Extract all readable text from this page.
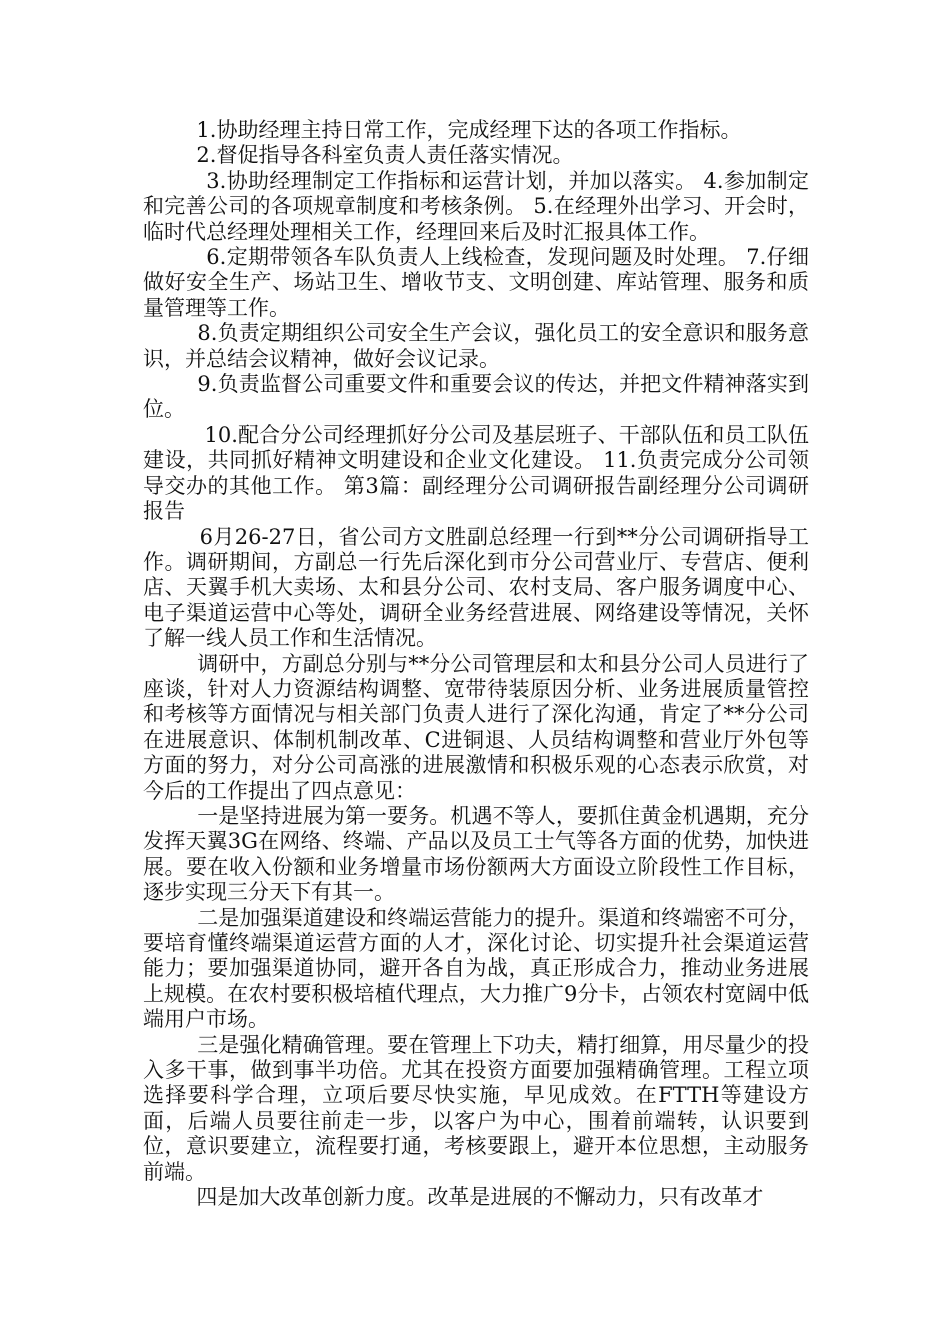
1.协助经理主持日常工作，完成经理下达的各项工作指标。

2.督促指导各科室负责人责任落实情况。

3.协助经理制定工作指标和运营计划，并加以落实。 4.参加制定和完善公司的各项规章制度和考核条例。 5.在经理外出学习、开会时，临时代总经理处理相关工作，经理回来后及时汇报具体工作。

6.定期带领各车队负责人上线检查，发现问题及时处理。 7.仔细做好安全生产、场站卫生、增收节支、文明创建、库站管理、服务和质量管理等工作。

8.负责定期组织公司安全生产会议，强化员工的安全意识和服务意识，并总结会议精神，做好会议记录。

9.负责监督公司重要文件和重要会议的传达，并把文件精神落实到位。

10.配合分公司经理抓好分公司及基层班子、干部队伍和员工队伍建设，共同抓好精神文明建设和企业文化建设。 11.负责完成分公司领导交办的其他工作。 第3篇：副经理分公司调研报告副经理分公司调研报告

6月26-27日，省公司方文胜副总经理一行到**分公司调研指导工作。调研期间，方副总一行先后深化到市分公司营业厅、专营店、便利店、天翼手机大卖场、太和县分公司、农村支局、客户服务调度中心、电子渠道运营中心等处，调研全业务经营进展、网络建设等情况，关怀了解一线人员工作和生活情况。

调研中，方副总分别与**分公司管理层和太和县分公司人员进行了座谈，针对人力资源结构调整、宽带待装原因分析、业务进展质量管控和考核等方面情况与相关部门负责人进行了深化沟通，肯定了**分公司在进展意识、体制机制改革、C进铜退、人员结构调整和营业厅外包等方面的努力，对分公司高涨的进展激情和积极乐观的心态表示欣赏，对今后的工作提出了四点意见：

一是坚持进展为第一要务。机遇不等人，要抓住黄金机遇期，充分发挥天翼3G在网络、终端、产品以及员工士气等各方面的优势，加快进展。要在收入份额和业务增量市场份额两大方面设立阶段性工作目标，逐步实现三分天下有其一。

二是加强渠道建设和终端运营能力的提升。渠道和终端密不可分，要培育懂终端渠道运营方面的人才，深化讨论、切实提升社会渠道运营能力；要加强渠道协同，避开各自为战，真正形成合力，推动业务进展上规模。在农村要积极培植代理点，大力推广9分卡，占领农村宽阔中低端用户市场。

三是强化精确管理。要在管理上下功夫，精打细算，用尽量少的投入多干事，做到事半功倍。尤其在投资方面要加强精确管理。工程立项选择要科学合理，立项后要尽快实施，早见成效。在FTTH等建设方面，后端人员要往前走一步，以客户为中心，围着前端转，认识要到位，意识要建立，流程要打通，考核要跟上，避开本位思想，主动服务前端。

四是加大改革创新力度。改革是进展的不懈动力，只有改革才
